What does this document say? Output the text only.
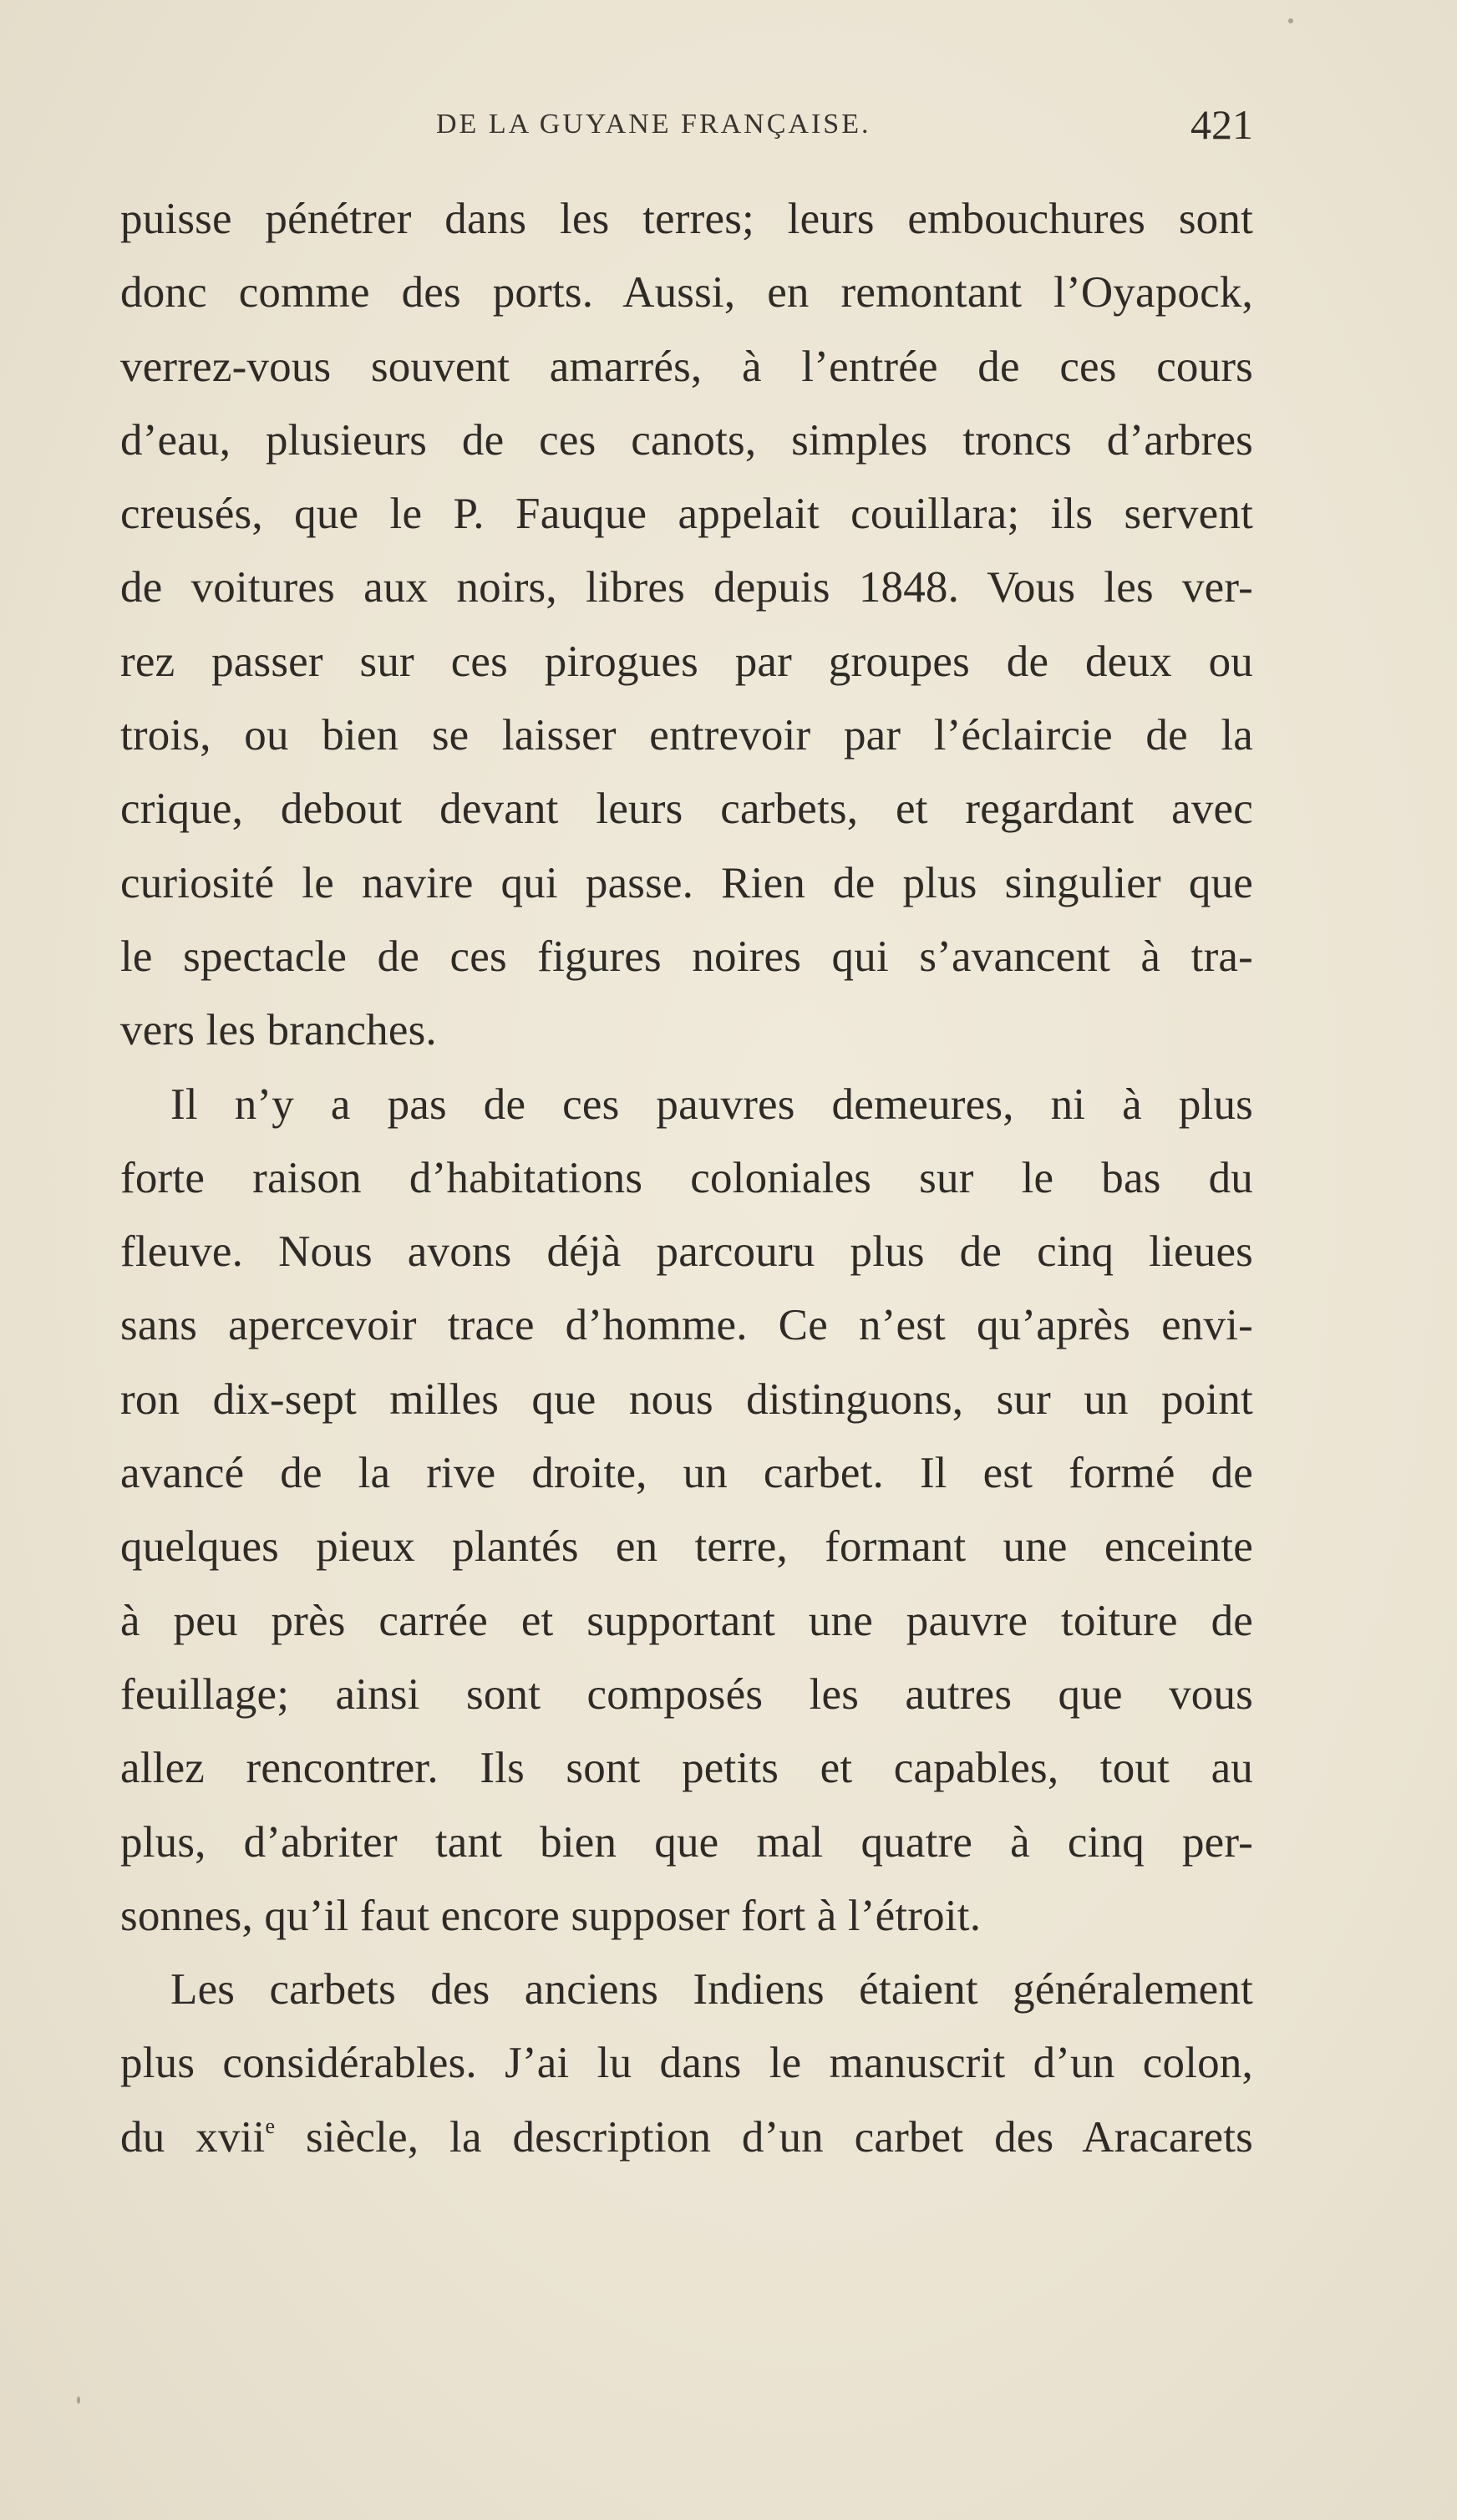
DE LA GUYANE FRANÇAISE.	421
puisse pénétrer dans les terres; leurs embouchures sont
donc comme des ports. Aussi, en remontant l’Oyapock,
verrez-vous souvent amarrés, à l’entrée de ces cours
d’eau, plusieurs de ces canots, simples troncs d’arbres
creusés, que le P. Fauque appelait couillara; ils servent
de voitures aux noirs, libres depuis 1848. Vous les ver-
rez passer sur ces pirogues par groupes de deux ou
trois, ou bien se laisser entrevoir par l’éclaircie de la
crique, debout devant leurs carbets, et regardant avec
curiosité le navire qui passe. Rien de plus singulier que
le spectacle de ces figures noires qui s’avancent à tra-
vers les branches.
Il n’y a pas de ces pauvres demeures, ni à plus
forte raison d’habitations coloniales sur le bas du
fleuve. Nous avons déjà parcouru plus de cinq lieues
sans apercevoir trace d’homme. Ce n’est qu’après envi-
ron dix-sept milles que nous distinguons, sur un point
avancé de la rive droite, un carbet. Il est formé de
quelques pieux plantés en terre, formant une enceinte
à peu près carrée et supportant une pauvre toiture de
feuillage; ainsi sont composés les autres que vous
allez rencontrer. Ils sont petits et capables, tout au
plus, d’abriter tant bien que mal quatre à cinq per-
sonnes, qu’il faut encore supposer fort à l’étroit.
Les carbets des anciens Indiens étaient généralement
plus considérables. J’ai lu dans le manuscrit d’un colon,
du xvii$^e$ siècle, la description d’un carbet des Aracarets
